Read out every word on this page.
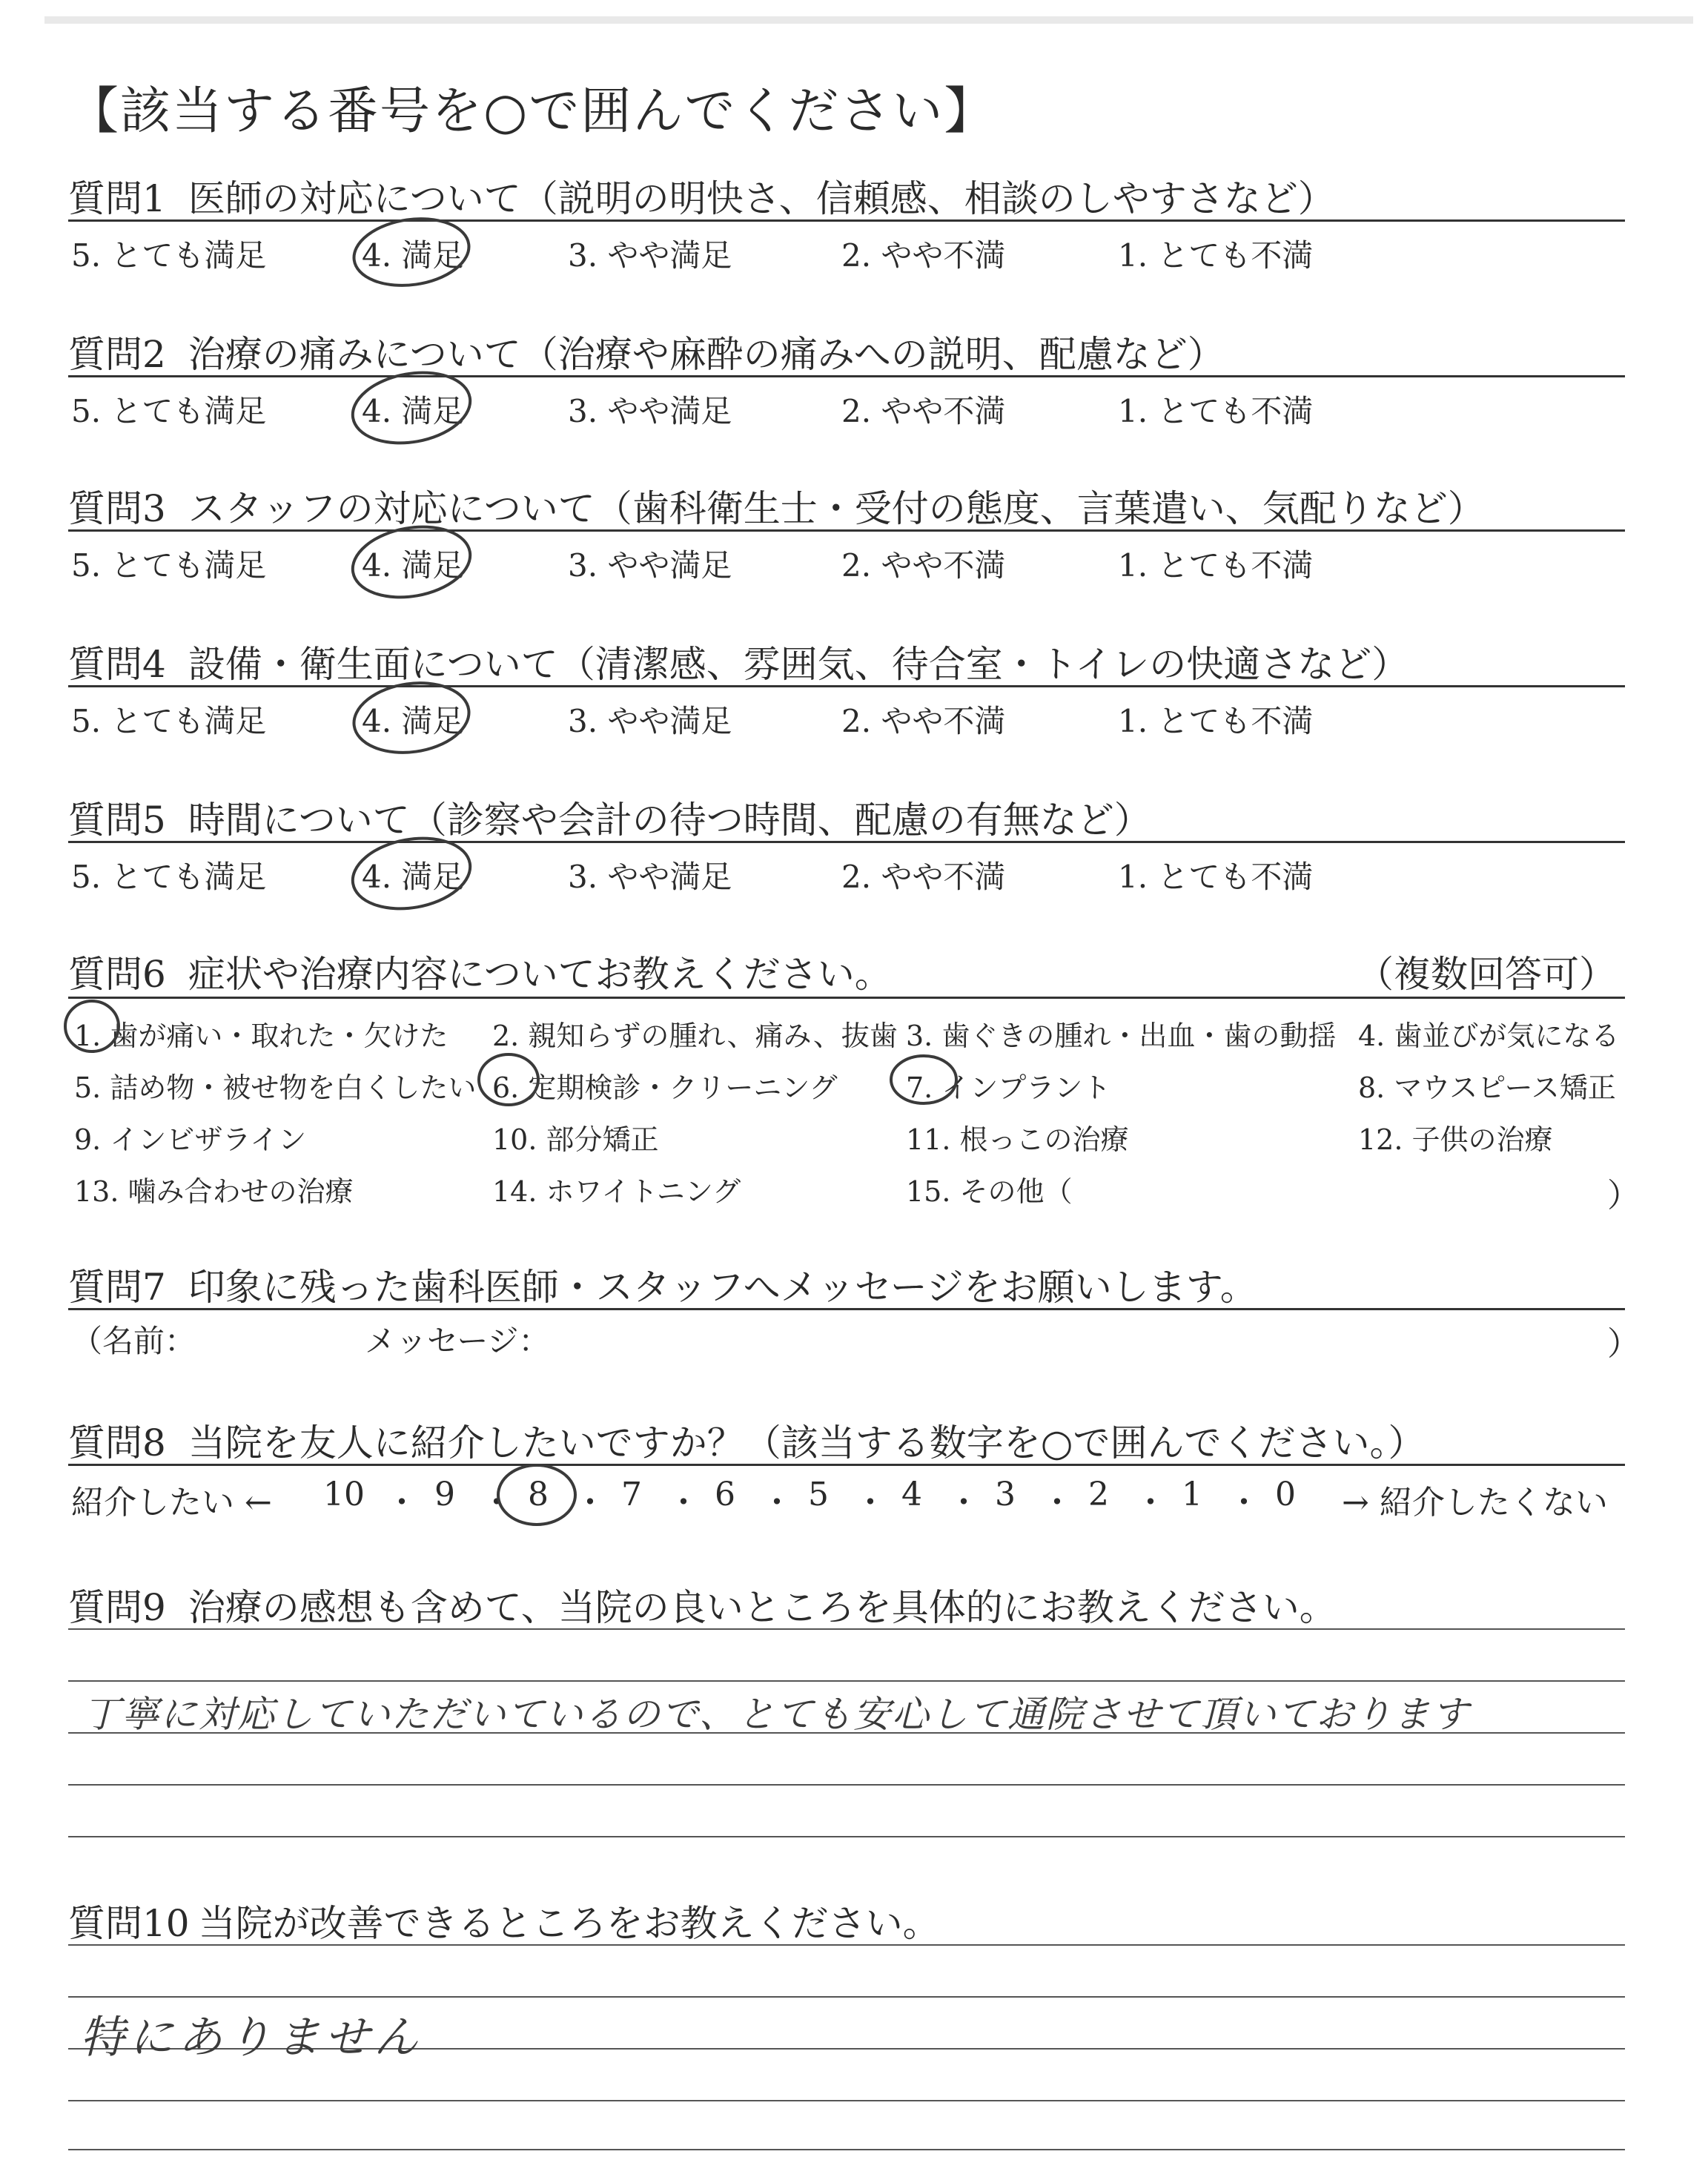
【該当する番号を○で囲んでください】
質問1 医師の対応について（説明の明快さ、信頼感、相談のしやすさなど）
5. とても満足	4. 満足	3. やや満足	2. やや不満	1. とても不満
質問2 治療の痛みについて（治療や麻酔の痛みへの説明、配慮など）
5. とても満足	4. 満足	3. やや満足	2. やや不満	1. とても不満
質問3 スタッフの対応について（歯科衛生士・受付の態度、言葉遣い、気配りなど）
5. とても満足	4. 満足	3. やや満足	2. やや不満	1. とても不満
質問4 設備・衛生面について（清潔感、雰囲気、待合室・トイレの快適さなど）
5. とても満足	4. 満足	3. やや満足	2. やや不満	1. とても不満
質問5 時間について（診察や会計の待つ時間、配慮の有無など）
5. とても満足	4. 満足	3. やや満足	2. やや不満	1. とても不満
質問6 症状や治療内容についてお教えください。	（複数回答可）
1. 歯が痛い・取れた・欠けた 2. 親知らずの腫れ、痛み、抜歯 3. 歯ぐきの腫れ・出血・歯の動揺 4. 歯並びが気になる
5. 詰め物・被せ物を白くしたい 6. 定期検診・クリーニング 7. インプラント	8. マウスピース矯正
9. インビザライン	10. 部分矯正	11. 根っこの治療	12. 子供の治療
13. 噛み合わせの治療	14. ホワイトニング	15. その他（	）
質問7 印象に残った歯科医師・スタッフへメッセージをお願いします。
（名前：	メッセージ：	）
質問8 当院を友人に紹介したいですか？（該当する数字を○で囲んでください。）
紹介したい ←	→ 紹介したくない
10 ・ 9 ・ 8 ・ 7 ・ 6 ・ 5 ・ 4 ・ 3 ・ 2 ・ 1 ・ 0
質問9 治療の感想も含めて、当院の良いところを具体的にお教えください。
丁寧に対応していただいているので、とても安心して通院させて頂いております
質問10 当院が改善できるところをお教えください。
特にありません
